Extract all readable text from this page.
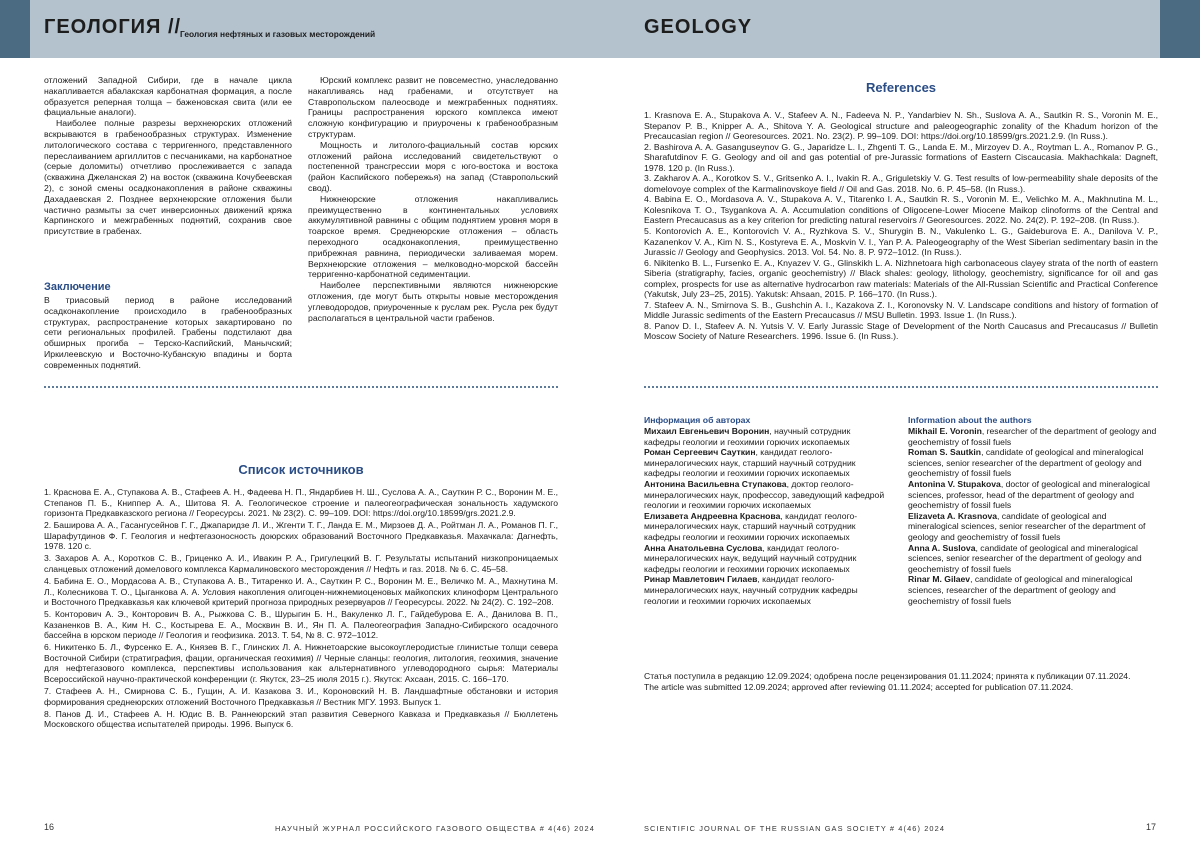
ГЕОЛОГИЯ //
Геология нефтяных и газовых месторождений	GEOLOGY

отложений Западной Сибири, где в начале цикла накапливается абалакская карбонатная формация, а после образуется реперная толща – баженовская свита (или ее фациальные аналоги).

Наиболее полные разрезы верхнеюрских отложений вскрываются в грабенообразных структурах. Изменение литологического состава с терригенного, представленного переслаиванием аргиллитов с песчаниками, на карбонатное (серые доломиты) отчетливо прослеживается с запада (скважина Джеланская 2) на восток (скважина Кочубеевская 2), с зоной смены осадконакопления в районе скважины Дахадаевская 2. Позднее верхнеюрские отложения были частично размыты за счет инверсионных движений кряжа Карпинского и межграбенных поднятий, сохранив свое присутствие в грабенах.

Заключение

В триасовый период в районе исследований осадконакопление происходило в грабенообразных структурах, распространение которых закартировано по сети региональных профилей. Грабены подстилают два обширных прогиба – Терско-Каспийский, Манычский; Иркилеевскую и Восточно-Кубанскую впадины и борта современных поднятий.

Юрский комплекс развит не повсеместно, унаследованно накапливаясь над грабенами, и отсутствует на Ставропольском палеосводе и межграбенных поднятиях. Границы распространения юрского комплекса имеют сложную конфигурацию и приурочены к грабенообразным структурам.

Мощность и литолого-фациальный состав юрских отложений района исследований свидетельствуют о постепенной трансгрессии моря с юго-востока и востока (район Каспийского побережья) на запад (Ставропольский свод).

Нижнеюрские отложения накапливались преимущественно в континентальных условиях аккумулятивной равнины с общим поднятием уровня моря в тоарское время. Среднеюрские отложения – область переходного осадконакопления, преимущественно прибрежная равнина, периодически заливаемая морем. Верхнеюрские отложения – мелководно-морской бассейн терригенно-карбонатной седиментации.

Наиболее перспективными являются нижнеюрские отложения, где могут быть открыты новые месторождения углеводородов, приуроченные к руслам рек. Русла рек будут располагаться в центральной части грабенов.

Список источников

1. Краснова Е. А., Ступакова А. В., Стафеев А. Н., Фадеева Н. П., Яндарбиев Н. Ш., Суслова А. А., Сауткин Р. С., Воронин М. Е., Степанов П. Б., Книппер А. А., Шитова Я. А. Геологическое строение и палеогеографическая зональность хадумского горизонта Предкавказского региона // Георесурсы. 2021. № 23(2). С. 99–109. DOI: https://doi.org/10.18599/grs.2021.2.9.

2. Баширова А. А., Гасангусейнов Г. Г., Джапаридзе Л. И., Жгенти Т. Г., Ланда Е. М., Мирзоев Д. А., Ройтман Л. А., Романов П. Г., Шарафутдинов Ф. Г. Геология и нефтегазоносность доюрских образований Восточного Предкавказья. Махачкала: Дагнефть, 1978. 120 с.

3. Захаров А. А., Коротков С. В., Гриценко А. И., Ивакин Р. А., Григулецкий В. Г. Результаты испытаний низкопроницаемых сланцевых отложений домелового комплекса Кармалиновского месторождения // Нефть и газ. 2018. № 6. С. 45–58.

4. Бабина Е. О., Мордасова А. В., Ступакова А. В., Титаренко И. А., Сауткин Р. С., Воронин М. Е., Величко М. А., Махнутина М. Л., Колесникова Т. О., Цыганкова А. А. Условия накопления олигоцен-нижнемиоценовых майкопских клиноформ Центрального и Восточного Предкавказья как ключевой критерий прогноза природных резервуаров // Георесурсы. 2022. № 24(2). С. 192–208.

5. Конторович А. Э., Конторович В. А., Рыжкова С. В., Шурыгин Б. Н., Вакуленко Л. Г., Гайдебурова Е. А., Данилова В. П., Казаненков В. А., Ким Н. С., Костырева Е. А., Москвин В. И., Ян П. А. Палеогеография Западно-Сибирского осадочного бассейна в юрском периоде // Геология и геофизика. 2013. Т. 54, № 8. С. 972–1012.

6. Никитенко Б. Л., Фурсенко Е. А., Князев В. Г., Глинских Л. А. Нижнетоарские высокоуглеродистые глинистые толщи севера Восточной Сибири (стратиграфия, фации, органическая геохимия) // Черные сланцы: геология, литология, геохимия, значение для нефтегазового комплекса, перспективы использования как альтернативного углеводородного сырья: Материалы Всероссийской научно-практической конференции (г. Якутск, 23–25 июля 2015 г.). Якутск: Ахсаан, 2015. С. 166–170.

7. Стафеев А. Н., Смирнова С. Б., Гущин, А. И. Казакова З. И., Короновский Н. В. Ландшафтные обстановки и история формирования среднеюрских отложений Восточного Предкавказья // Вестник МГУ. 1993. Выпуск 1.

8. Панов Д. И., Стафеев А. Н. Юдис В. В. Раннеюрский этап развития Северного Кавказа и Предкавказья // Бюллетень Московского общества испытателей природы. 1996. Выпуск 6.

References

1. Krasnova E. A., Stupakova A. V., Stafeev A. N., Fadeeva N. P., Yandarbiev N. Sh., Suslova A. A., Sautkin R. S., Voronin M. E., Stepanov P. B., Knipper A. A., Shitova Y. A. Geological structure and paleogeographic zonality of the Khadum horizon of the Precaucasian region // Georesources. 2021. No. 23(2). P. 99–109. DOI: https://doi.org/10.18599/grs.2021.2.9. (In Russ.).

2. Bashirova A. A. Gasanguseynov G. G., Japaridze L. I., Zhgenti T. G., Landa E. M., Mirzoyev D. A., Roytman L. A., Romanov P. G., Sharafutdinov F. G. Geology and oil and gas potential of pre-Jurassic formations of Eastern Ciscaucasia. Makhachkala: Dagneft, 1978. 120 p. (In Russ.).

3. Zakharov A. A., Korotkov S. V., Gritsenko A. I., Ivakin R. A., Griguletskiy V. G. Test results of low-permeability shale deposits of the domelovoye complex of the Karmalinovskoye field // Oil and Gas. 2018. No. 6. P. 45–58. (In Russ.).

4. Babina E. O., Mordasova A. V., Stupakova A. V., Titarenko I. A., Sautkin R. S., Voronin M. E., Velichko M. A., Makhnutina M. L., Kolesnikova T. O., Tsygankova A. A. Accumulation conditions of Oligocene-Lower Miocene Maikop clinoforms of the Central and Eastern Precaucasus as a key criterion for predicting natural reservoirs // Georesources. 2022. No. 24(2). P. 192–208. (In Russ.).

5. Kontorovich A. E., Kontorovich V. A., Ryzhkova S. V., Shurygin B. N., Vakulenko L. G., Gaideburova E. A., Danilova V. P., Kazanenkov V. A., Kim N. S., Kostyreva E. A., Moskvin V. I., Yan P. A. Paleogeography of the West Siberian sedimentary basin in the Jurassic // Geology and Geophysics. 2013. Vol. 54. No. 8. P. 972–1012. (In Russ.).

6. Nikitenko B. L., Fursenko E. A., Knyazev V. G., Glinskikh L. A. Nizhnetoara high carbonaceous clayey strata of the north of eastern Siberia (stratigraphy, facies, organic geochemistry) // Black shales: geology, lithology, geochemistry, significance for oil and gas complex, prospects for use as alternative hydrocarbon raw materials: Materials of the All-Russian Scientific and Practical Conference (Yakutsk, July 23–25, 2015). Yakutsk: Ahsaan, 2015. P. 166–170. (In Russ.).

7. Stafeev A. N., Smirnova S. B., Gushchin A. I., Kazakova Z. I., Koronovsky N. V. Landscape conditions and history of formation of Middle Jurassic sediments of the Eastern Precaucasus // MSU Bulletin. 1993. Issue 1. (In Russ.).

8. Panov D. I., Stafeev A. N. Yutsis V. V. Early Jurassic Stage of Development of the North Caucasus and Precaucasus // Bulletin Moscow Society of Nature Researchers. 1996. Issue 6. (In Russ.).

Информация об авторах

Михаил Евгеньевич Воронин, научный сотрудник кафедры геологии и геохимии горючих ископаемых

Роман Сергеевич Сауткин, кандидат геолого-минералогических наук, старший научный сотрудник кафедры геологии и геохимии горючих ископаемых

Антонина Васильевна Ступакова, доктор геолого-минералогических наук, профессор, заведующий кафедрой геологии и геохимии горючих ископаемых

Елизавета Андреевна Краснова, кандидат геолого-минералогических наук, старший научный сотрудник кафедры геологии и геохимии горючих ископаемых

Анна Анатольевна Суслова, кандидат геолого-минералогических наук, ведущий научный сотрудник кафедры геологии и геохимии горючих ископаемых

Ринар Мавлетович Гилаев, кандидат геолого-минералогических наук, научный сотрудник кафедры геологии и геохимии горючих ископаемых

Information about the authors

Mikhail E. Voronin, researcher of the department of geology and geochemistry of fossil fuels

Roman S. Sautkin, candidate of geological and mineralogical sciences, senior researcher of the department of geology and geochemistry of fossil fuels

Antonina V. Stupakova, doctor of geological and mineralogical sciences, professor, head of the department of geology and geochemistry of fossil fuels

Elizaveta A. Krasnova, candidate of geological and mineralogical sciences, senior researcher of the department of geology and geochemistry of fossil fuels

Anna A. Suslova, candidate of geological and mineralogical sciences, senior researcher of the department of geology and geochemistry of fossil fuels

Rinar M. Gilaev, candidate of geological and mineralogical sciences, researcher of the department of geology and geochemistry of fossil fuels

Статья поступила в редакцию 12.09.2024; одобрена после рецензирования 01.11.2024; принята к публикации 07.11.2024.

The article was submitted 12.09.2024; approved after reviewing 01.11.2024; accepted for publication 07.11.2024.

16	НАУЧНЫЙ ЖУРНАЛ РОССИЙСКОГО ГАЗОВОГО ОБЩЕСТВА # 4(46) 2024	SCIENTIFIC JOURNAL OF THE RUSSIAN GAS SOCIETY # 4(46) 2024	17
